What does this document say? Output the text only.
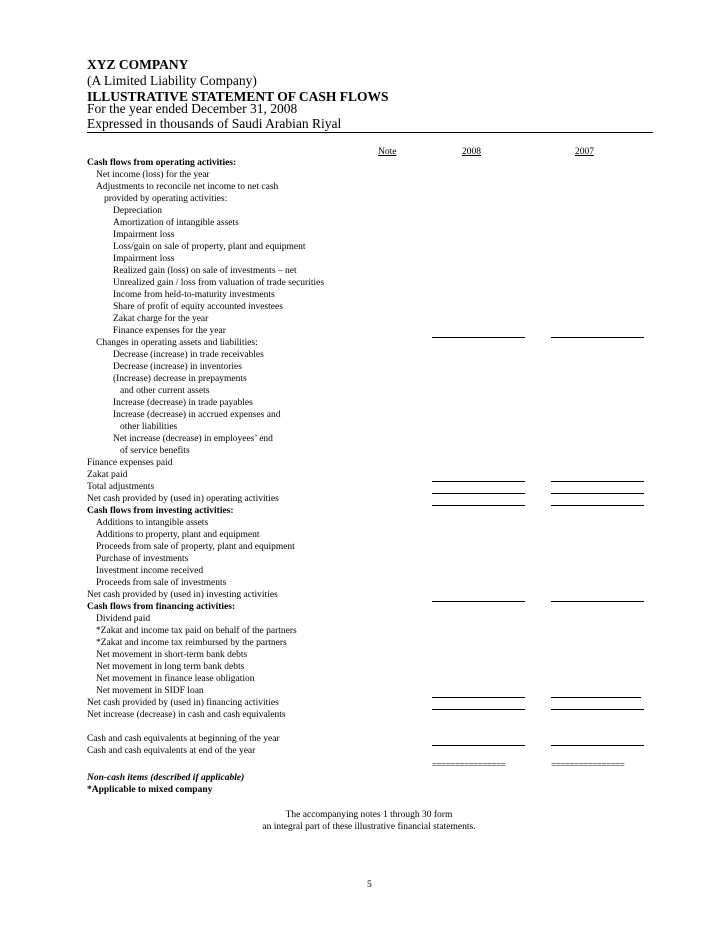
XYZ COMPANY
(A Limited Liability Company)
ILLUSTRATIVE STATEMENT OF CASH FLOWS
For the year ended December 31, 2008
Expressed in thousands of Saudi Arabian Riyal
Note	2008	2007
Cash flows from operating activities:
Net income (loss) for the year
Adjustments to reconcile net income to net cash
provided by operating activities:
Depreciation
Amortization of intangible assets
Impairment loss
Loss/gain on sale of property, plant and equipment
Impairment loss
Realized gain (loss) on sale of investments – net
Unrealized gain / loss from valuation of trade securities
Income from held-to-maturity investments
Share of profit of equity accounted investees
Zakat charge for the year
Finance expenses for the year
Changes in operating assets and liabilities:
Decrease (increase) in trade receivables
Decrease (increase) in inventories
(Increase) decrease in prepayments
and other current assets
Increase (decrease) in trade payables
Increase (decrease) in accrued expenses and
other liabilities
Net increase (decrease) in employees’ end
of service benefits
Finance expenses paid
Zakat paid
Total adjustments
Net cash provided by (used in) operating activities
Cash flows from investing activities:
Additions to intangible assets
Additions to property, plant and equipment
Proceeds from sale of property, plant and equipment
Purchase of investments
Investment income received
Proceeds from sale of investments
Net cash provided by (used in) investing activities
Cash flows from financing activities:
Dividend paid
*Zakat and income tax paid on behalf of the partners
*Zakat and income tax reimbursed by the partners
Net movement in short-term bank debts
Net movement in long term bank debts
Net movement in finance lease obligation
Net movement in SIDF loan
Net cash provided by (used in) financing activities
Net increase (decrease) in cash and cash equivalents
Cash and cash equivalents at beginning of the year
Cash and cash equivalents at end of the year
================	================
Non-cash items (described if applicable)
*Applicable to mixed company
The accompanying notes 1 through 30 form
an integral part of these illustrative financial statements.
5
